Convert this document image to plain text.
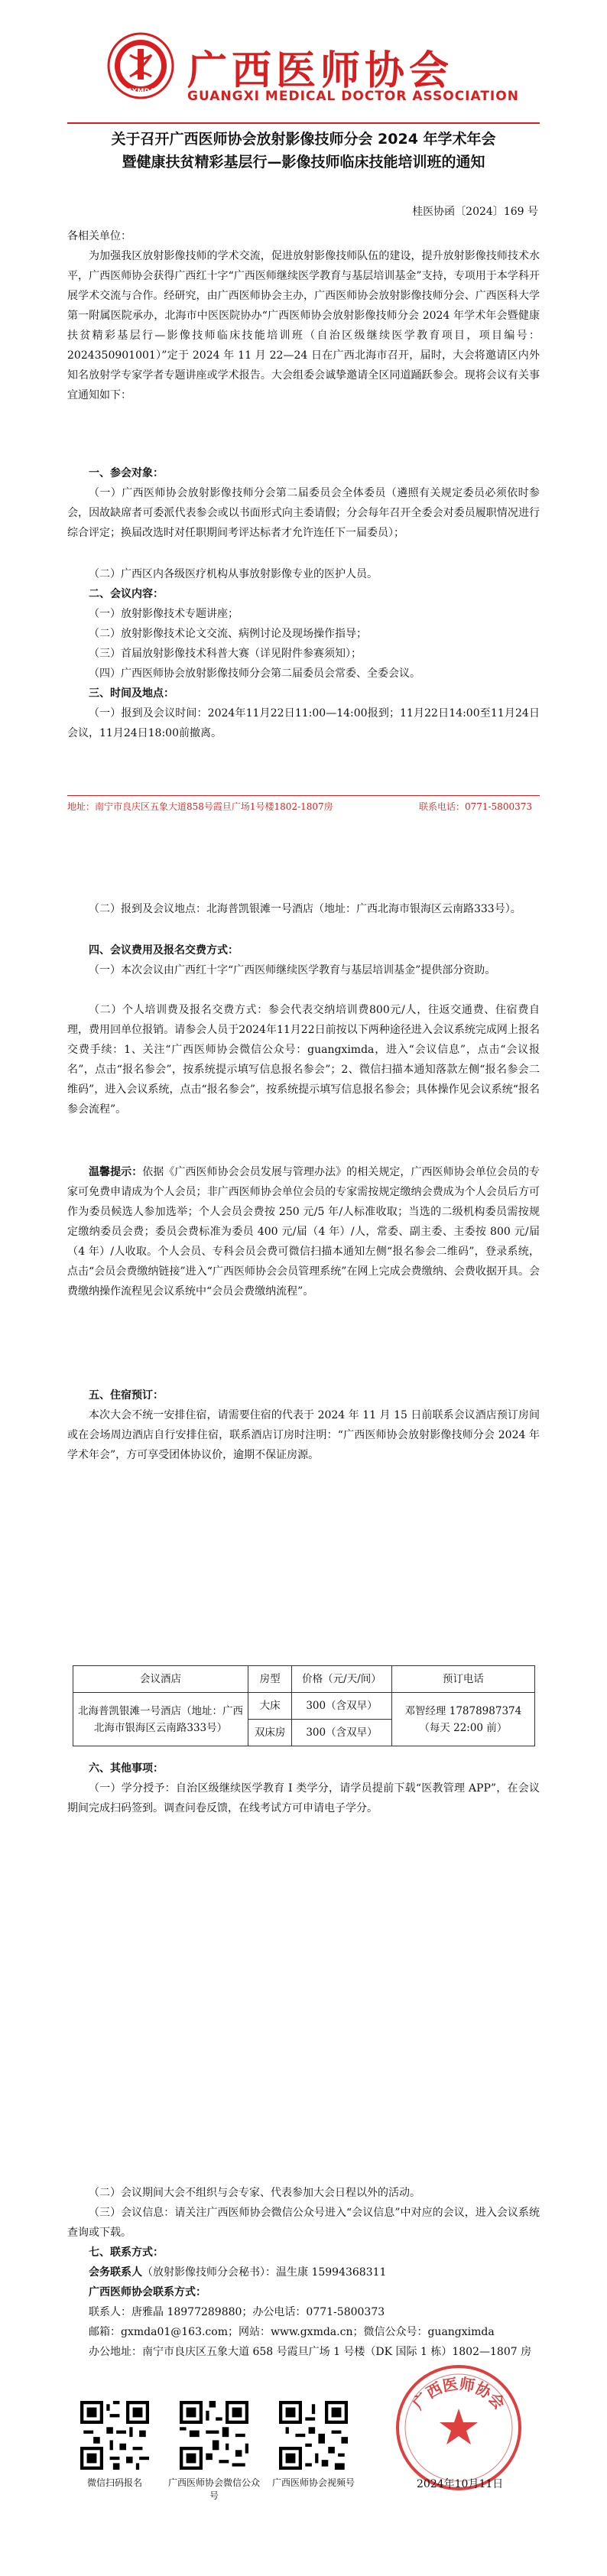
GXMDA 广西医师协会
GUANGXI MEDICAL DOCTOR ASSOCIATION
关于召开广西医师协会放射影像技师分会 2024 年学术年会
暨健康扶贫精彩基层行—影像技师临床技能培训班的通知
桂医协函〔2024〕169 号
各相关单位：
为加强我区放射影像技师的学术交流，促进放射影像技师队伍的建设，提升放射影像技师技术水平，广西医师协会获得广西红十字“广西医师继续医学教育与基层培训基金”支持，专项用于本学科开展学术交流与合作。经研究，由广西医师协会主办，广西医师协会放射影像技师分会、广西医科大学第一附属医院承办，北海市中医医院协办“广西医师协会放射影像技师分会 2024 年学术年会暨健康扶贫精彩基层行—影像技师临床技能培训班（自治区级继续医学教育项目，项目编号：2024350901001）”定于 2024 年 11 月 22—24 日在广西北海市召开，届时，大会将邀请区内外知名放射学专家学者专题讲座或学术报告。大会组委会诚挚邀请全区同道踊跃参会。现将会议有关事宜通知如下：
一、参会对象：
（一）广西医师协会放射影像技师分会第二届委员会全体委员（遴照有关规定委员必须依时参会，因故缺席者可委派代表参会或以书面形式向主委请假；分会每年召开全委会对委员履职情况进行综合评定；换届改选时对任职期间考评达标者才允许连任下一届委员）；
（二）广西区内各级医疗机构从事放射影像专业的医护人员。
二、会议内容：
（一）放射影像技术专题讲座；
（二）放射影像技术论文交流、病例讨论及现场操作指导；
（三）首届放射影像技术科普大赛（详见附件参赛须知）；
（四）广西医师协会放射影像技师分会第二届委员会常委、全委会议。
三、时间及地点：
（一）报到及会议时间：2024年11月22日11:00—14:00报到；11月22日14:00至11月24日会议，11月24日18:00前撤离。
地址：南宁市良庆区五象大道858号霞旦广场1号楼1802-1807房	联系电话：0771-5800373
（二）报到及会议地点：北海普凯银滩一号酒店（地址：广西北海市银海区云南路333号）。
四、会议费用及报名交费方式：
（一）本次会议由广西红十字“广西医师继续医学教育与基层培训基金”提供部分资助。
（二）个人培训费及报名交费方式：参会代表交纳培训费800元/人，往返交通费、住宿费自理，费用回单位报销。请参会人员于2024年11月22日前按以下两种途径进入会议系统完成网上报名交费手续：1、关注“广西医师协会微信公众号：guangximda，进入“会议信息”，点击“会议报名”，点击“报名参会”，按系统提示填写信息报名参会”；2、微信扫描本通知落款左侧“报名参会二维码”，进入会议系统，点击“报名参会”，按系统提示填写信息报名参会；具体操作见会议系统“报名参会流程”。
温馨提示：依据《广西医师协会会员发展与管理办法》的相关规定，广西医师协会单位会员的专家可免费申请成为个人会员；非广西医师协会单位会员的专家需按规定缴纳会费成为个人会员后方可作为委员候选人参加选举；个人会员会费按 250 元/5 年/人标准收取；当选的二级机构委员需按规定缴纳委员会费；委员会费标准为委员 400 元/届（4 年）/人，常委、副主委、主委按 800 元/届（4 年）/人收取。个人会员、专科会员会费可微信扫描本通知左侧“报名参会二维码”，登录系统，点击“会员会费缴纳链接”进入“广西医师协会会员管理系统”在网上完成会费缴纳、会费收据开具。会费缴纳操作流程见会议系统中“会员会费缴纳流程”。
五、住宿预订：
本次大会不统一安排住宿，请需要住宿的代表于 2024 年 11 月 15 日前联系会议酒店预订房间或在会场周边酒店自行安排住宿，联系酒店订房时注明：“广西医师协会放射影像技师分会 2024 年学术年会”，方可享受团体协议价，逾期不保证房源。
会议酒店	房型	价格（元/天/间）	预订电话
北海普凯银滩一号酒店（地址：广西北海市银海区云南路333号）	大床	300（含双早）	邓智经理 17878987374
（每天 22:00 前）

	双床房	300（含双早）	
六、其他事项：
（一）学分授予：自治区级继续医学教育 I 类学分，请学员提前下载“医教管理 APP”，在会议期间完成扫码签到。调查问卷反馈，在线考试方可申请电子学分。
（二）会议期间大会不组织与会专家、代表参加大会日程以外的活动。
（三）会议信息：请关注广西医师协会微信公众号进入“会议信息”中对应的会议，进入会议系统查询或下载。
七、联系方式：
会务联系人（放射影像技师分会秘书）：温生康 15994368311
广西医师协会联系方式：
联系人：唐雅晶 18977289880；办公电话：0771-5800373
邮箱：gxmda01@163.com；网站：www.gxmda.cn；微信公众号：guangximda
办公地址：南宁市良庆区五象大道 658 号霞旦广场 1 号楼（DK 国际 1 栋）1802—1807 房
微信扫码报名	广西医师协会微信公众号
广西医师协会视频号
广西医师协会
2024年10月11日
